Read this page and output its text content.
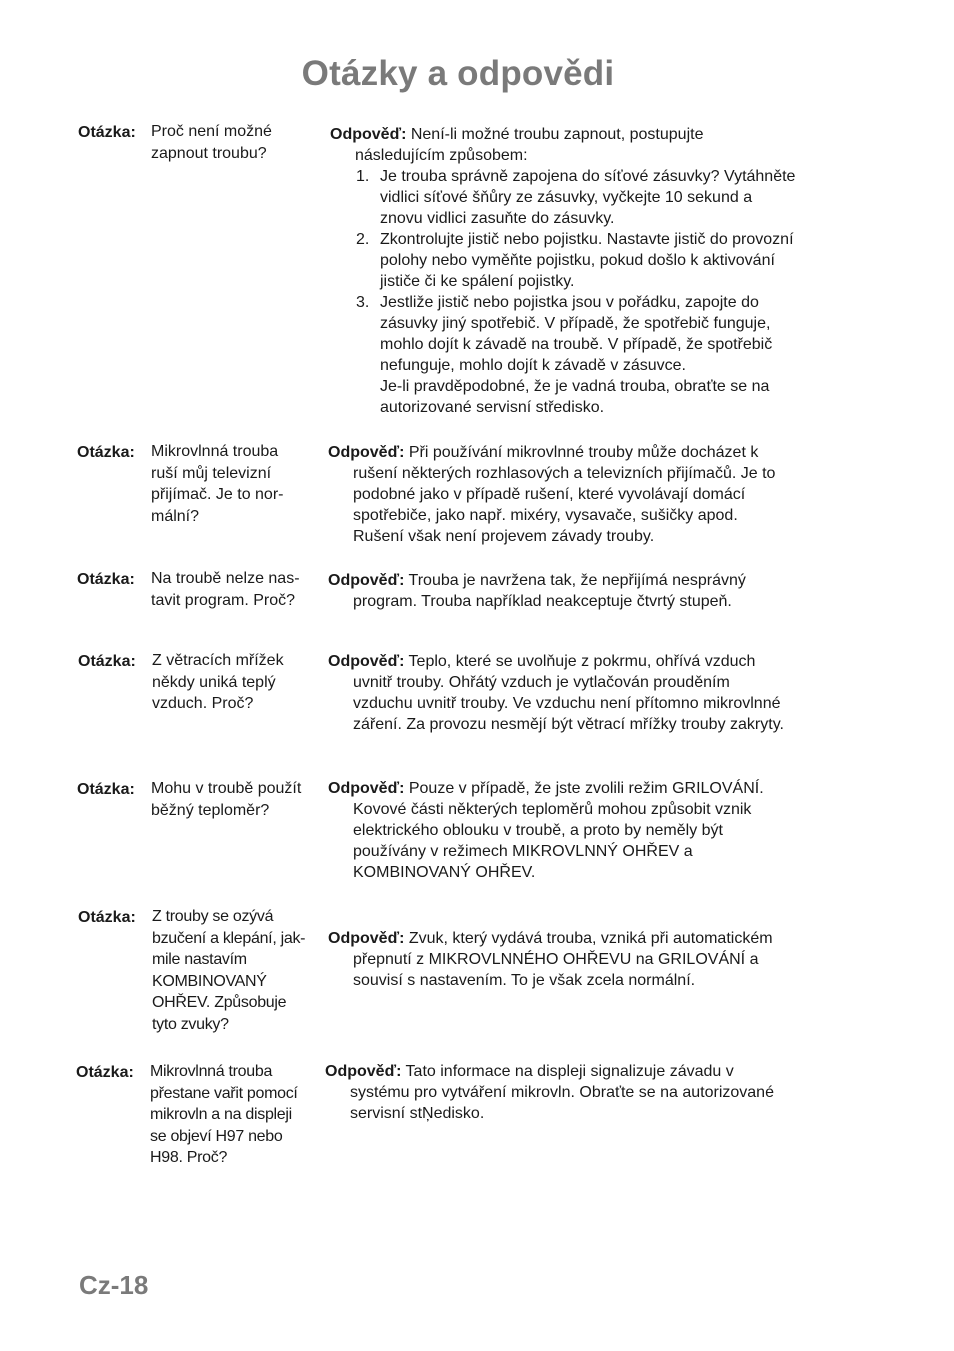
Otázky a odpovědi
Otázka: Proč není možné
zapnout troubu?
Odpověď: Není-li možné troubu zapnout, postupujte
následujícím způsobem:
1. Je trouba správně zapojena do síťové zásuvky? Vytáhněte
vidlici síťové šňůry ze zásuvky, vyčkejte 10 sekund a
znovu vidlici zasuňte do zásuvky.
2. Zkontrolujte jistič nebo pojistku. Nastavte jistič do provozní
polohy nebo vyměňte pojistku, pokud došlo k aktivování
jističe či ke spálení pojistky.
3. Jestliže jistič nebo pojistka jsou v pořádku, zapojte do
zásuvky jiný spotřebič. V případě, že spotřebič funguje,
mohlo dojít k závadě na troubě. V případě, že spotřebič
nefunguje, mohlo dojít k závadě v zásuvce.
Je-li pravděpodobné, že je vadná trouba, obraťte se na
autorizované servisní středisko.
Otázka: Mikrovlnná trouba
ruší můj televizní
přijímač. Je to nor-
mální?
Odpověď: Při používání mikrovlnné trouby může docházet k
rušení některých rozhlasových a televizních přijímačů. Je to
podobné jako v případě rušení, které vyvolávají domácí
spotřebiče, jako např. mixéry, vysavače, sušičky apod.
Rušení však není projevem závady trouby.
Otázka: Na troubě nelze nas-
tavit program. Proč?
Odpověď: Trouba je navržena tak, že nepřijímá nesprávný
program. Trouba například neakceptuje čtvrtý stupeň.
Otázka: Z větracích mřížek
někdy uniká teplý
vzduch. Proč?
Odpověď: Teplo, které se uvolňuje z pokrmu, ohřívá vzduch
uvnitř trouby. Ohřátý vzduch je vytlačován prouděním
vzduchu uvnitř trouby. Ve vzduchu není přítomno mikrovlnné
záření. Za provozu nesmějí být větrací mřížky trouby zakryty.
Otázka: Mohu v troubě použít
běžný teploměr?
Odpověď: Pouze v případě, že jste zvolili režim GRILOVÁNÍ.
Kovové části některých teploměrů mohou způsobit vznik
elektrického oblouku v troubě, a proto by neměly být
používány v režimech MIKROVLNNÝ OHŘEV a
KOMBINOVANÝ OHŘEV.
Otázka: Z trouby se ozývá
bzučení a klepání, jak-
mile nastavím
KOMBINOVANÝ
OHŘEV. Způsobuje
tyto zvuky?
Odpověď: Zvuk, který vydává trouba, vzniká při automatickém
přepnutí z MIKROVLNNÉHO OHŘEVU na GRILOVÁNÍ a
souvisí s nastavením. To je však zcela normální.
Otázka: Mikrovlnná trouba
přestane vařit pomocí
mikrovln a na displeji
se objeví H97 nebo
H98. Proč?
Odpověď: Tato informace na displeji signalizuje závadu v
systému pro vytváření mikrovln. Obraťte se na autorizované
servisní stŅedisko.
Cz-18
